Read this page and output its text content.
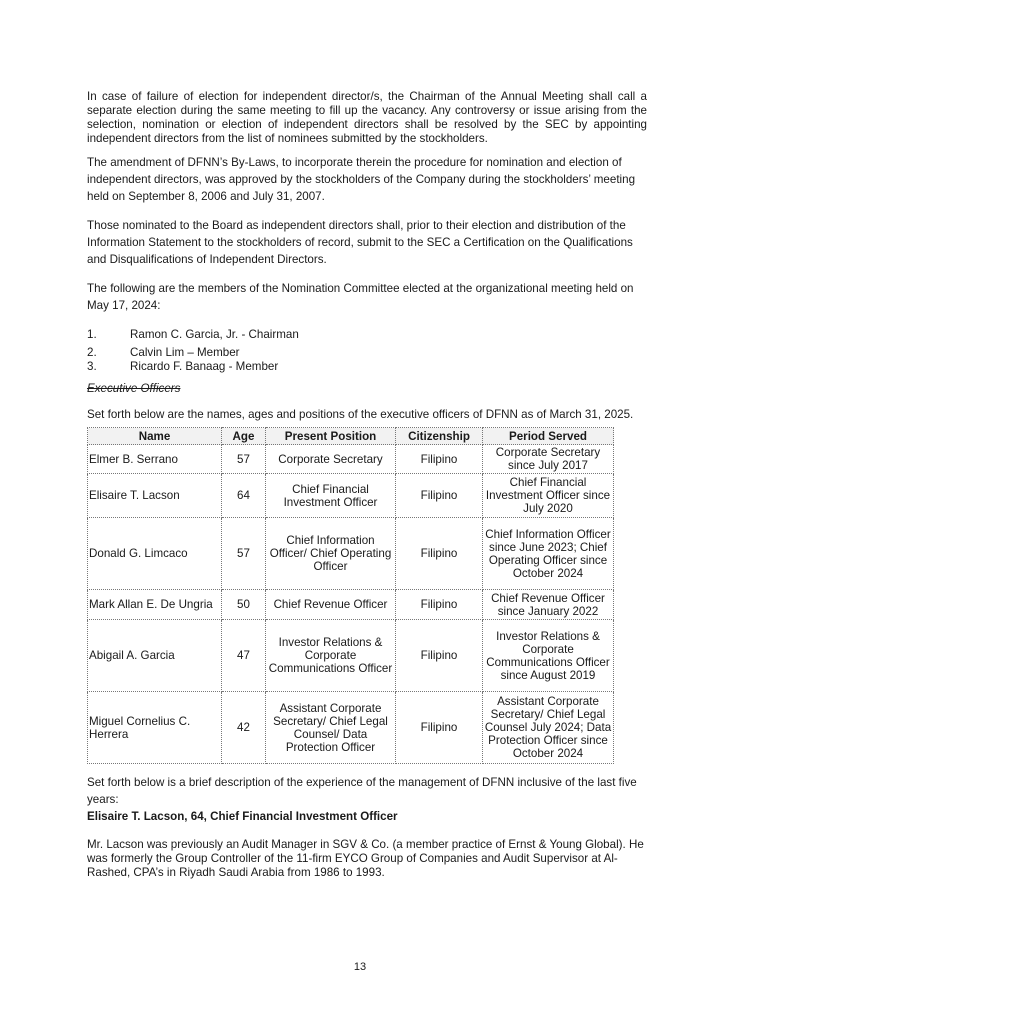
In case of failure of election for independent director/s, the Chairman of the Annual Meeting shall call a separate election during the same meeting to fill up the vacancy. Any controversy or issue arising from the selection, nomination or election of independent directors shall be resolved by the SEC by appointing independent directors from the list of nominees submitted by the stockholders.

The amendment of DFNN’s By-Laws, to incorporate therein the procedure for nomination and election of independent directors, was approved by the stockholders of the Company during the stockholders’ meeting held on September 8, 2006 and July 31, 2007.

Those nominated to the Board as independent directors shall, prior to their election and distribution of the Information Statement to the stockholders of record, submit to the SEC a Certification on the Qualifications and Disqualifications of Independent Directors.

The following are the members of the Nomination Committee elected at the organizational meeting held on May 17, 2024:

1.	Ramon C. Garcia, Jr. - Chairman
2.	Calvin Lim – Member
3.	Ricardo F. Banaag - Member

Executive Officers

Set forth below are the names, ages and positions of the executive officers of DFNN as of March 31, 2025.

Name	Age	Present Position	Citizenship	Period Served
Elmer B. Serrano	57	Corporate Secretary	Filipino	Corporate Secretary since July 2017
Elisaire T. Lacson	64	Chief Financial Investment Officer	Filipino	Chief Financial Investment Officer since July 2020
Donald G. Limcaco	57	Chief Information Officer/ Chief Operating Officer	Filipino	Chief Information Officer since June 2023; Chief Operating Officer since October 2024
Mark Allan E. De Ungria	50	Chief Revenue Officer	Filipino	Chief Revenue Officer since January 2022
Abigail A. Garcia	47	Investor Relations & Corporate Communications Officer	Filipino	Investor Relations & Corporate Communications Officer since August 2019
Miguel Cornelius C. Herrera	42	Assistant Corporate Secretary/ Chief Legal Counsel/ Data Protection Officer	Filipino	Assistant Corporate Secretary/ Chief Legal Counsel July 2024; Data Protection Officer since October 2024

Set forth below is a brief description of the experience of the management of DFNN inclusive of the last five years:

Elisaire T. Lacson, 64, Chief Financial Investment Officer

Mr. Lacson was previously an Audit Manager in SGV & Co. (a member practice of Ernst & Young Global). He was formerly the Group Controller of the 11-firm EYCO Group of Companies and Audit Supervisor at Al-Rashed, CPA’s in Riyadh Saudi Arabia from 1986 to 1993.

13
